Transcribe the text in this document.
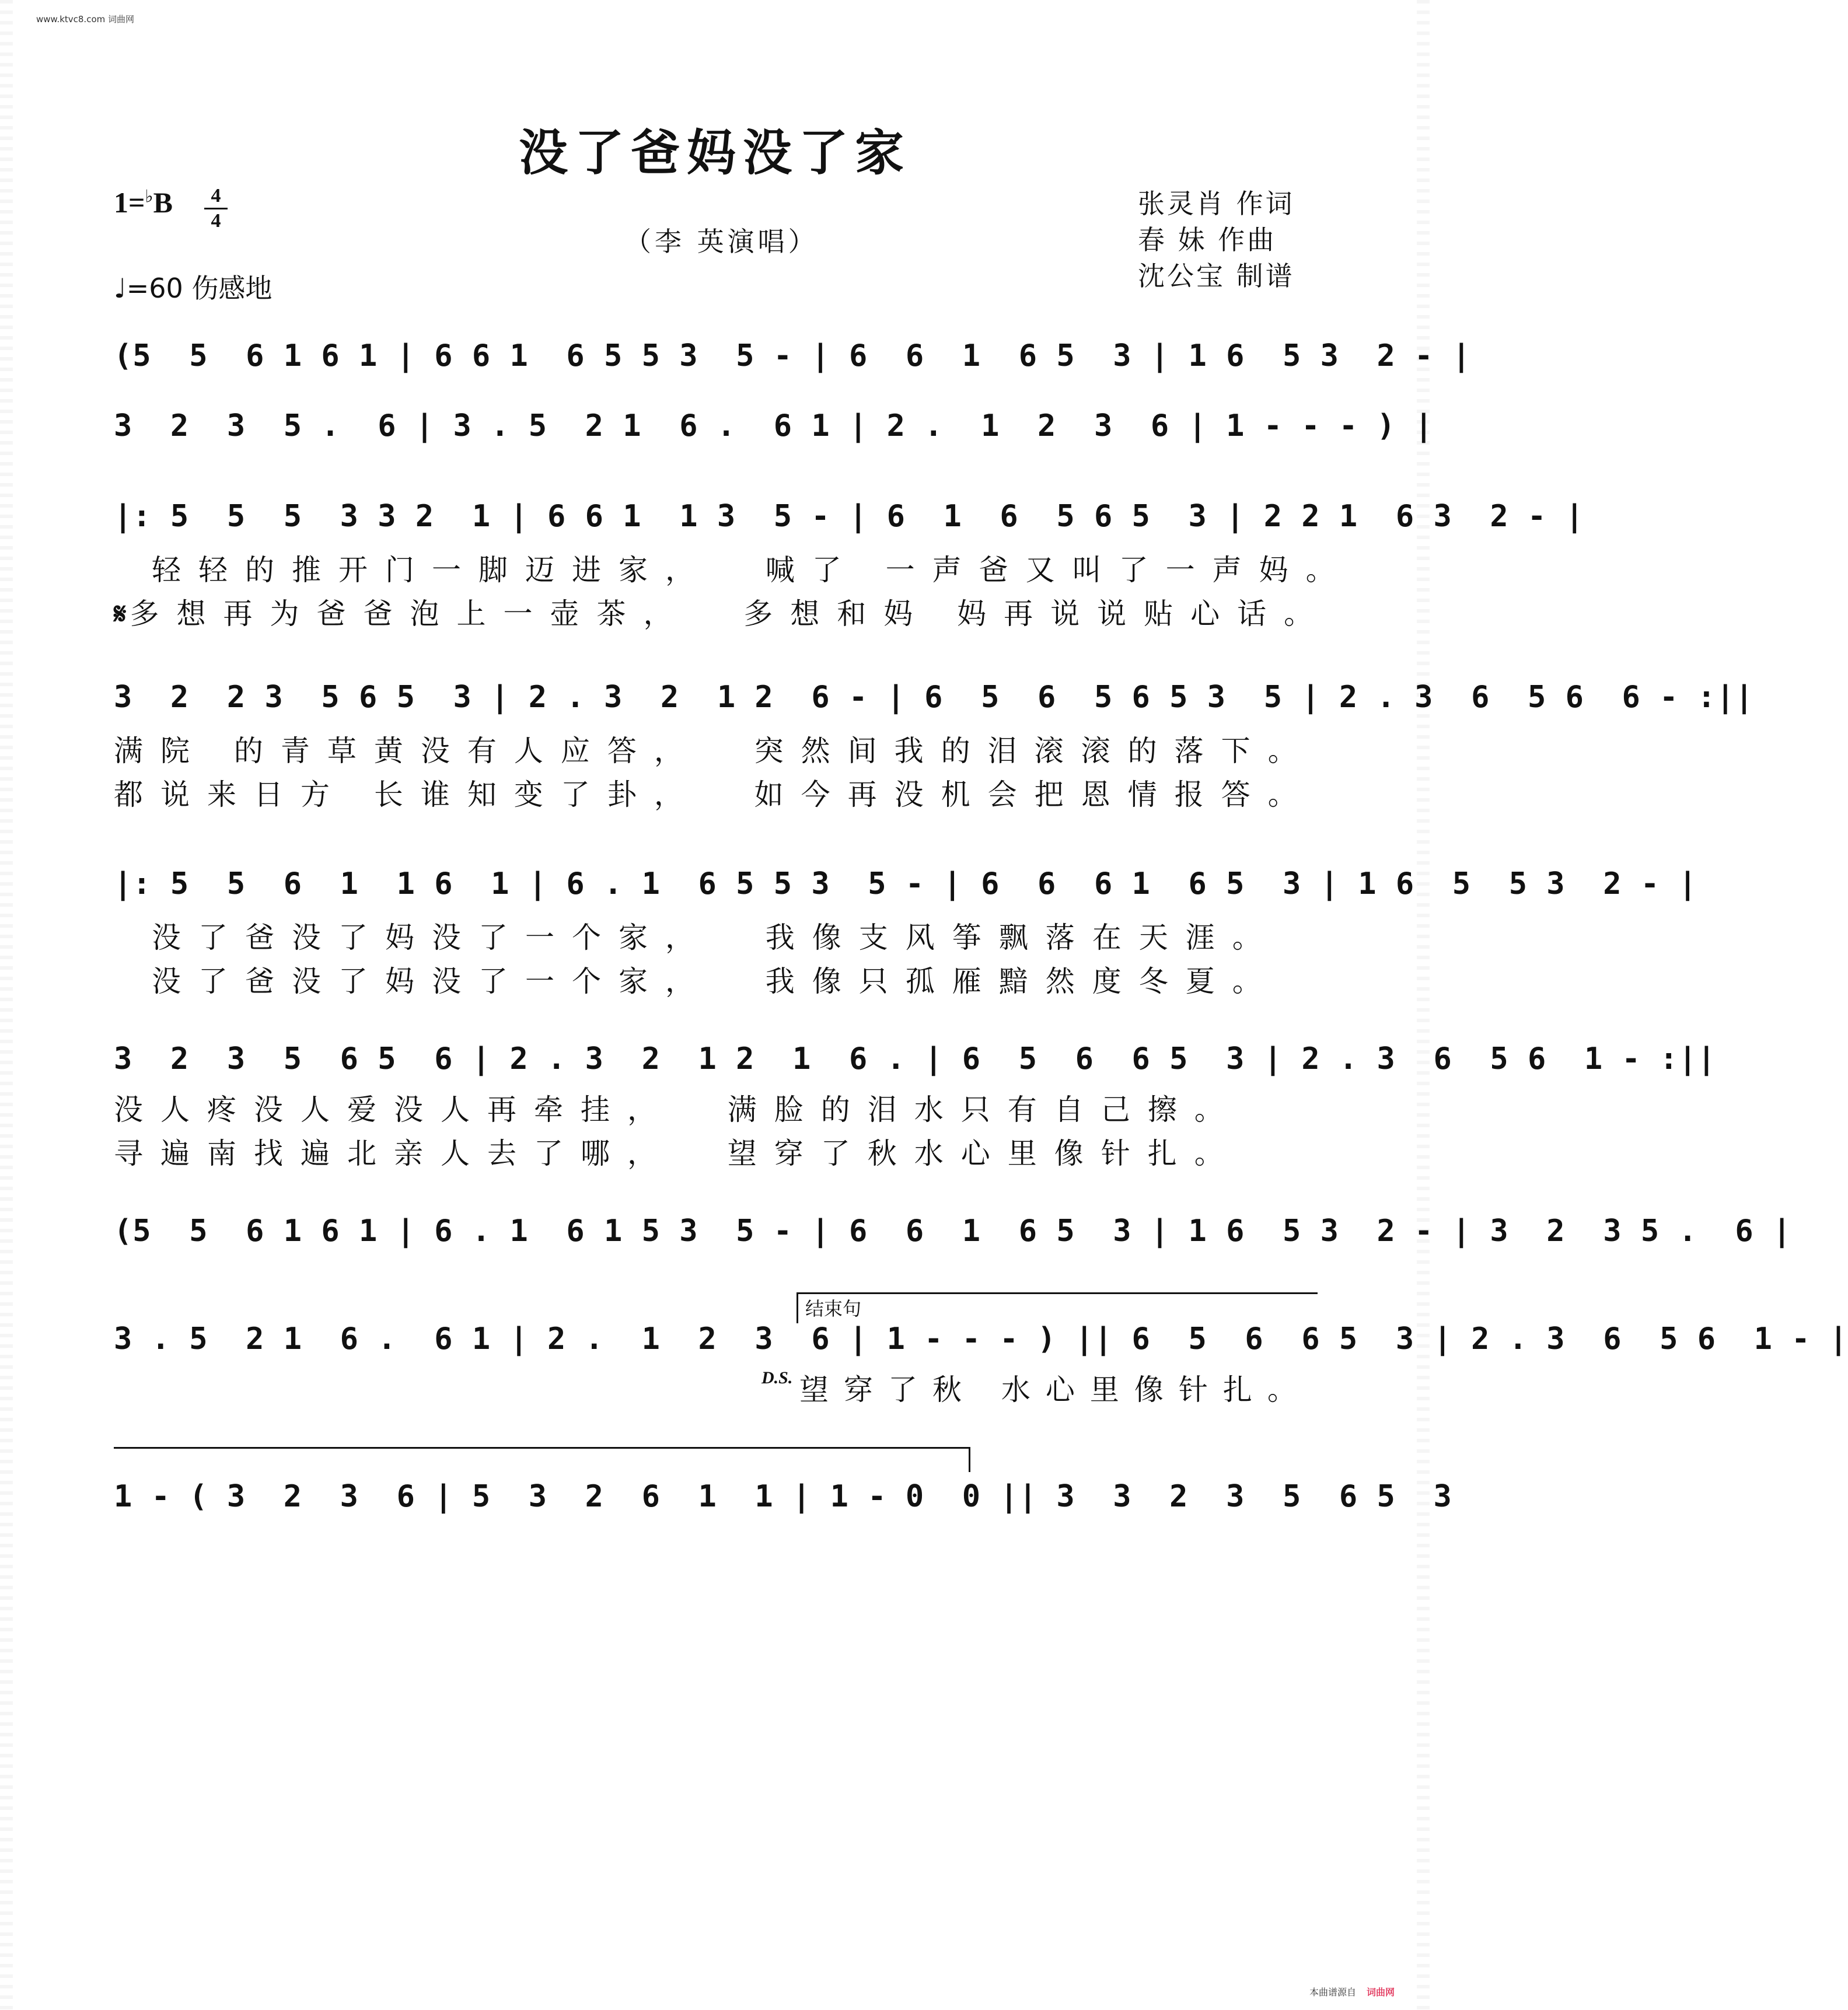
www.ktvc8.com 词曲网
本曲谱源自 词曲网
没了爸妈没了家
1=♭B	4
4
（李 英演唱）
♩=60 伤感地
张灵肖 作词
春 妹 作曲
沈公宝 制谱
(5  5  6 1 6 1 | 6 6 1  6 5 5 3  5 - | 6  6  1  6 5  3 | 1 6  5 3  2 - |
3  2  3  5 .  6 | 3 . 5  2 1  6 .  6 1 | 2 .  1  2  3  6 | 1 - - - ) |
|: 5  5  5  3 3 2  1 | 6 6 1  1 3  5 - | 6  1  6  5 6 5  3 | 2 2 1  6 3  2 - |
轻轻的推开门一脚迈进家，  喊了 一声爸又叫了一声妈。
𝄋 多想再为爸爸泡上一壶茶，  多想和妈 妈再说说贴心话。
3  2  2 3  5 6 5  3 | 2 . 3  2  1 2  6 - | 6  5  6  5 6 5 3  5 | 2 . 3  6  5 6  6 - :||
满院 的青草黄没有人应答，  突然间我的泪滚滚的落下。
都说来日方 长谁知变了卦，  如今再没机会把恩情报答。
|: 5  5  6  1  1 6  1 | 6 . 1  6 5 5 3  5 - | 6  6  6 1  6 5  3 | 1 6  5  5 3  2 - |
没了爸没了妈没了一个家，  我像支风筝飘落在天涯。
没了爸没了妈没了一个家，  我像只孤雁黯然度冬夏。
3  2  3  5  6 5  6 | 2 . 3  2  1 2  1  6 . | 6  5  6  6 5  3 | 2 . 3  6  5 6  1 - :||
没人疼没人爱没人再牵挂，  满脸的泪水只有自己擦。
寻遍南找遍北亲人去了哪，  望穿了秋水心里像针扎。
(5  5  6 1 6 1 | 6 . 1  6 1 5 3  5 - | 6  6  1  6 5  3 | 1 6  5 3  2 - | 3  2  3 5 .  6 |
结束句
3 . 5  2 1  6 .  6 1 | 2 .  1  2  3  6 | 1 - - - ) || 6  5  6  6 5  3 | 2 . 3  6  5 6  1 - |
D.S. 望穿了秋 水心里像针扎。
1 - ( 3  2  3  6 | 5  3  2  6  1  1 | 1 - 0  0 || 3  3  2  3  5  6 5  3
